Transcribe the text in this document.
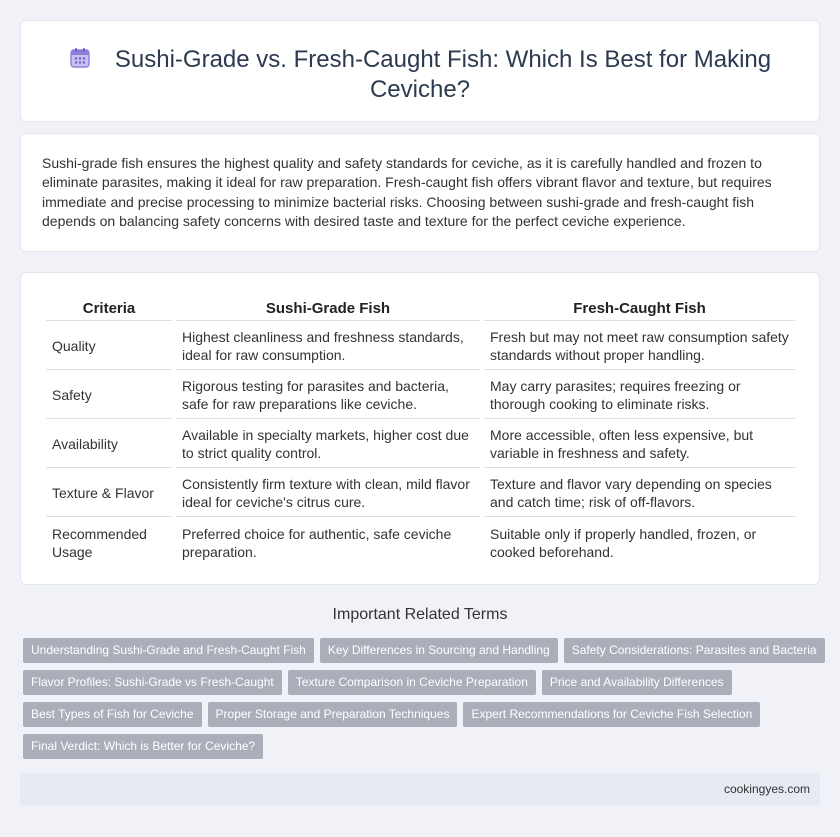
Sushi-Grade vs. Fresh-Caught Fish: Which Is Best for Making Ceviche?

Sushi-grade fish ensures the highest quality and safety standards for ceviche, as it is carefully handled and frozen to eliminate parasites, making it ideal for raw preparation. Fresh-caught fish offers vibrant flavor and texture, but requires immediate and precise processing to minimize bacterial risks. Choosing between sushi-grade and fresh-caught fish depends on balancing safety concerns with desired taste and texture for the perfect ceviche experience.

Criteria	Sushi-Grade Fish	Fresh-Caught Fish
Quality	Highest cleanliness and freshness standards, ideal for raw consumption.	Fresh but may not meet raw consumption safety standards without proper handling.
Safety	Rigorous testing for parasites and bacteria, safe for raw preparations like ceviche.	May carry parasites; requires freezing or thorough cooking to eliminate risks.
Availability	Available in specialty markets, higher cost due to strict quality control.	More accessible, often less expensive, but variable in freshness and safety.
Texture & Flavor	Consistently firm texture with clean, mild flavor ideal for ceviche's citrus cure.	Texture and flavor vary depending on species and catch time; risk of off-flavors.
Recommended Usage	Preferred choice for authentic, safe ceviche preparation.	Suitable only if properly handled, frozen, or cooked beforehand.
Important Related Terms
Understanding Sushi-Grade and Fresh-Caught Fish Key Differences in Sourcing and Handling Safety Considerations: Parasites and Bacteria
Flavor Profiles: Sushi-Grade vs Fresh-Caught Texture Comparison in Ceviche Preparation Price and Availability Differences
Best Types of Fish for Ceviche Proper Storage and Preparation Techniques Expert Recommendations for Ceviche Fish Selection
Final Verdict: Which is Better for Ceviche?
cookingyes.com
